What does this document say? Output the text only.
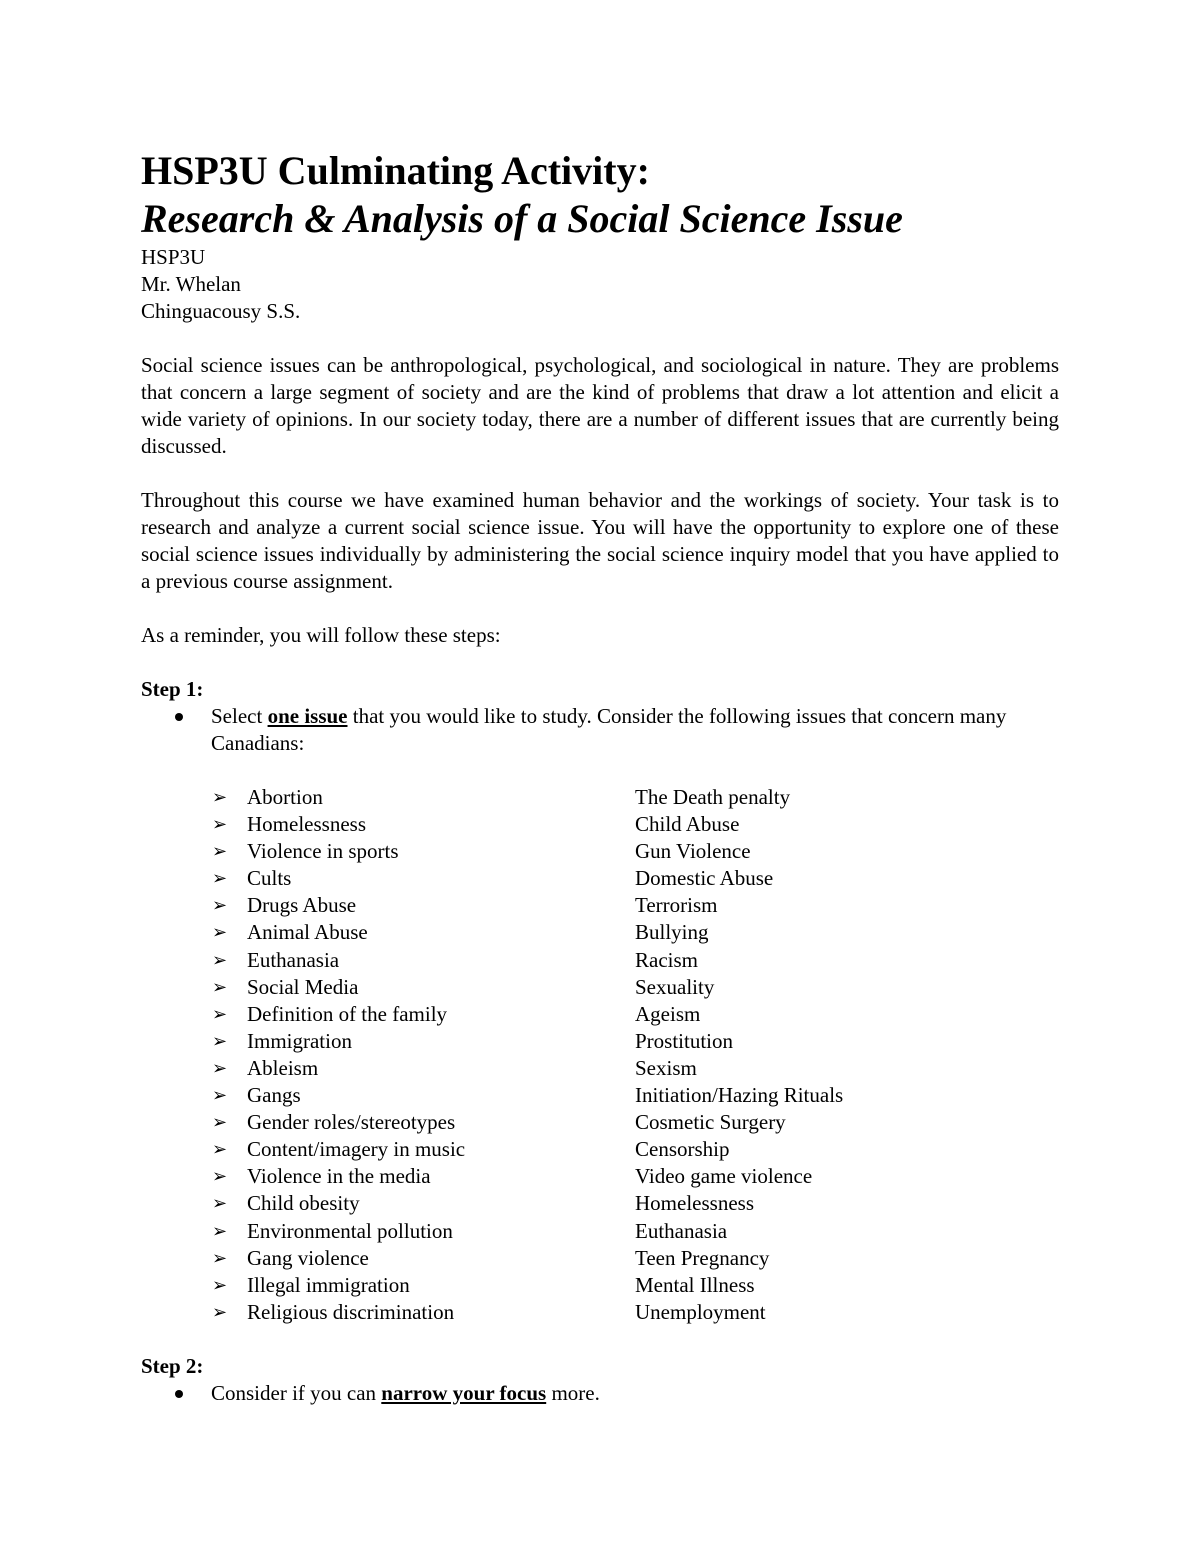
HSP3U Culminating Activity:
Research & Analysis of a Social Science Issue
HSP3U
Mr. Whelan
Chinguacousy S.S.

Social science issues can be anthropological, psychological, and sociological in nature. They are problems that concern a large segment of society and are the kind of problems that draw a lot attention and elicit a wide variety of opinions. In our society today, there are a number of different issues that are currently being discussed.

Throughout this course we have examined human behavior and the workings of society. Your task is to research and analyze a current social science issue. You will have the opportunity to explore one of these social science issues individually by administering the social science inquiry model that you have applied to a previous course assignment.

As a reminder, you will follow these steps:

Step 1:
Select one issue that you would like to study. Consider the following issues that concern many Canadians:
➢ Abortion	The Death penalty
➢ Homelessness	Child Abuse
➢ Violence in sports	Gun Violence
➢ Cults	Domestic Abuse
➢ Drugs Abuse	Terrorism
➢ Animal Abuse	Bullying
➢ Euthanasia	Racism
➢ Social Media	Sexuality
➢ Definition of the family	Ageism
➢ Immigration	Prostitution
➢ Ableism	Sexism
➢ Gangs	Initiation/Hazing Rituals
➢ Gender roles/stereotypes	Cosmetic Surgery
➢ Content/imagery in music	Censorship
➢ Violence in the media	Video game violence
➢ Child obesity	Homelessness
➢ Environmental pollution	Euthanasia
➢ Gang violence	Teen Pregnancy
➢ Illegal immigration	Mental Illness
➢ Religious discrimination	Unemployment
Step 2:
Consider if you can narrow your focus more.
